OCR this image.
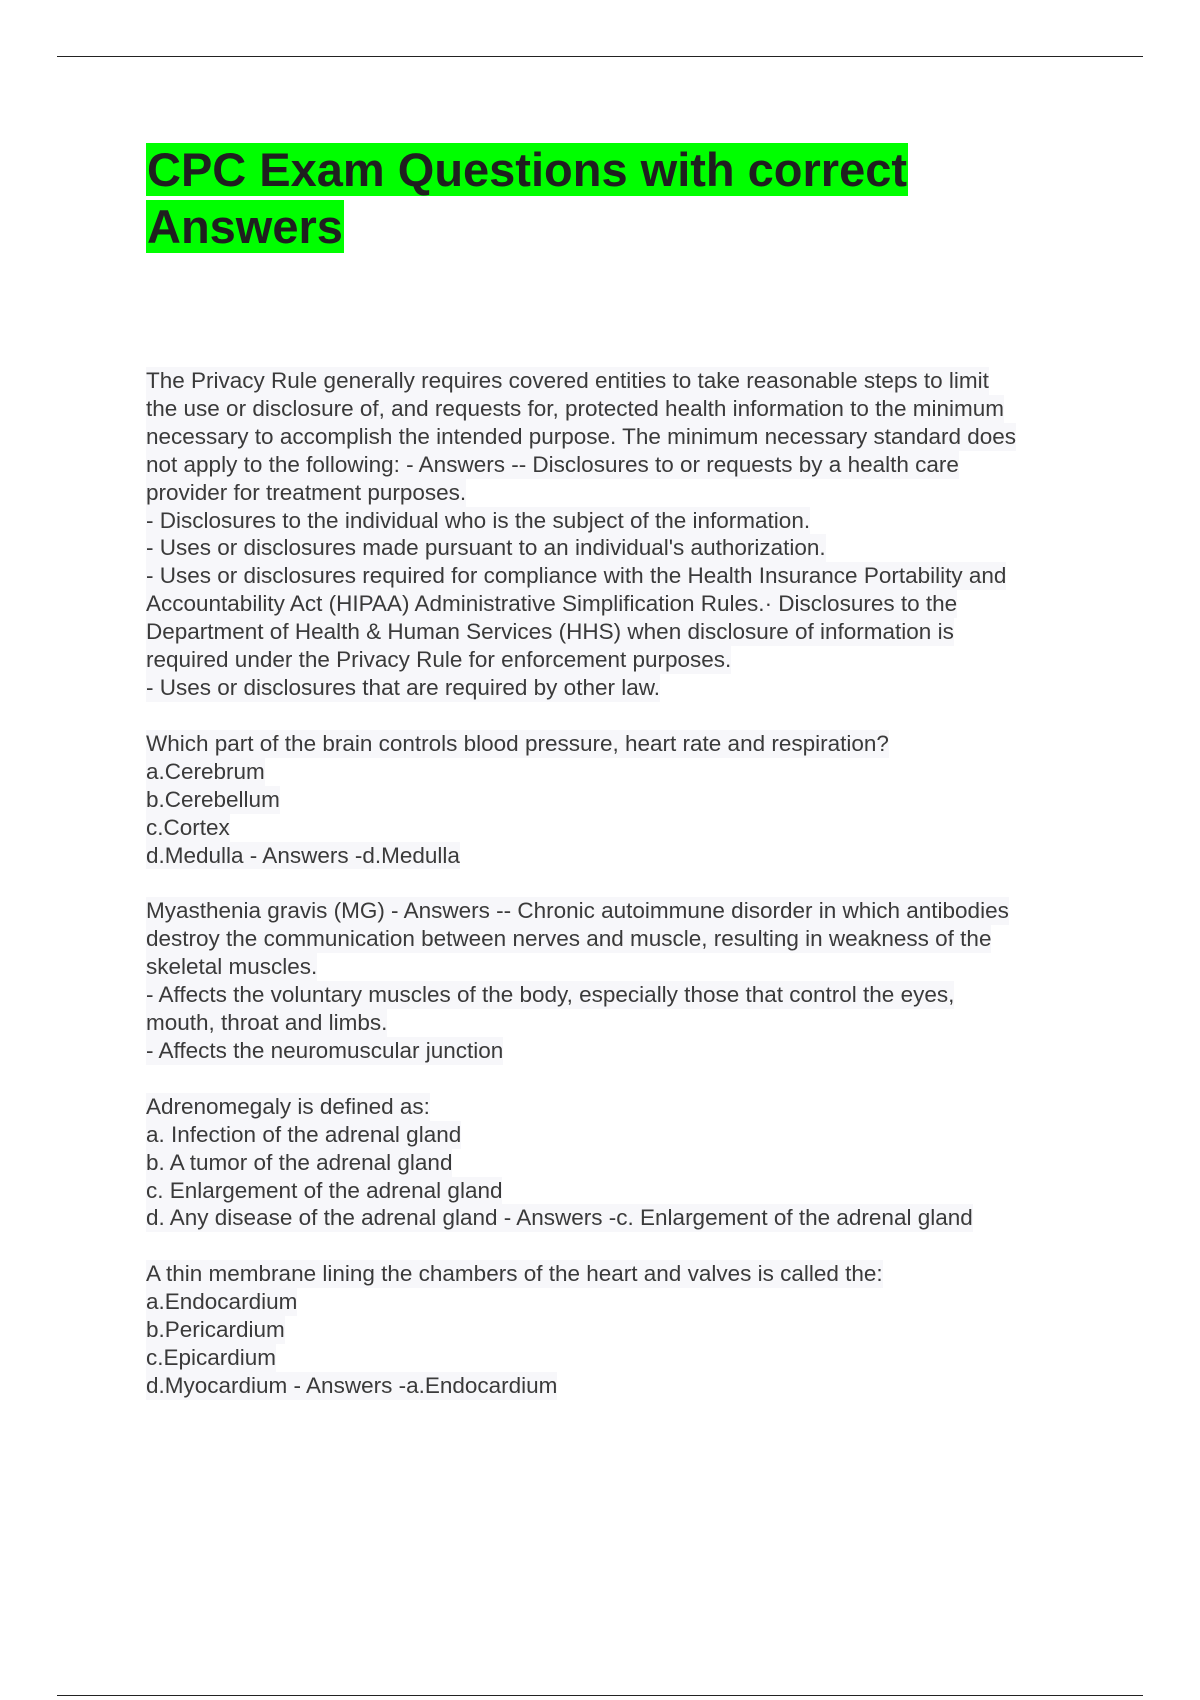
CPC Exam Questions with correct
Answers
The Privacy Rule generally requires covered entities to take reasonable steps to limit
the use or disclosure of, and requests for, protected health information to the minimum
necessary to accomplish the intended purpose. The minimum necessary standard does
not apply to the following: - Answers -- Disclosures to or requests by a health care
provider for treatment purposes.
- Disclosures to the individual who is the subject of the information.
- Uses or disclosures made pursuant to an individual's authorization.
- Uses or disclosures required for compliance with the Health Insurance Portability and
Accountability Act (HIPAA) Administrative Simplification Rules.· Disclosures to the
Department of Health & Human Services (HHS) when disclosure of information is
required under the Privacy Rule for enforcement purposes.
- Uses or disclosures that are required by other law.
Which part of the brain controls blood pressure, heart rate and respiration?
a.Cerebrum
b.Cerebellum
c.Cortex
d.Medulla - Answers -d.Medulla
Myasthenia gravis (MG) - Answers -- Chronic autoimmune disorder in which antibodies
destroy the communication between nerves and muscle, resulting in weakness of the
skeletal muscles.
- Affects the voluntary muscles of the body, especially those that control the eyes,
mouth, throat and limbs.
- Affects the neuromuscular junction
Adrenomegaly is defined as:
a. Infection of the adrenal gland
b. A tumor of the adrenal gland
c. Enlargement of the adrenal gland
d. Any disease of the adrenal gland - Answers -c. Enlargement of the adrenal gland
A thin membrane lining the chambers of the heart and valves is called the:
a.Endocardium
b.Pericardium
c.Epicardium
d.Myocardium - Answers -a.Endocardium
